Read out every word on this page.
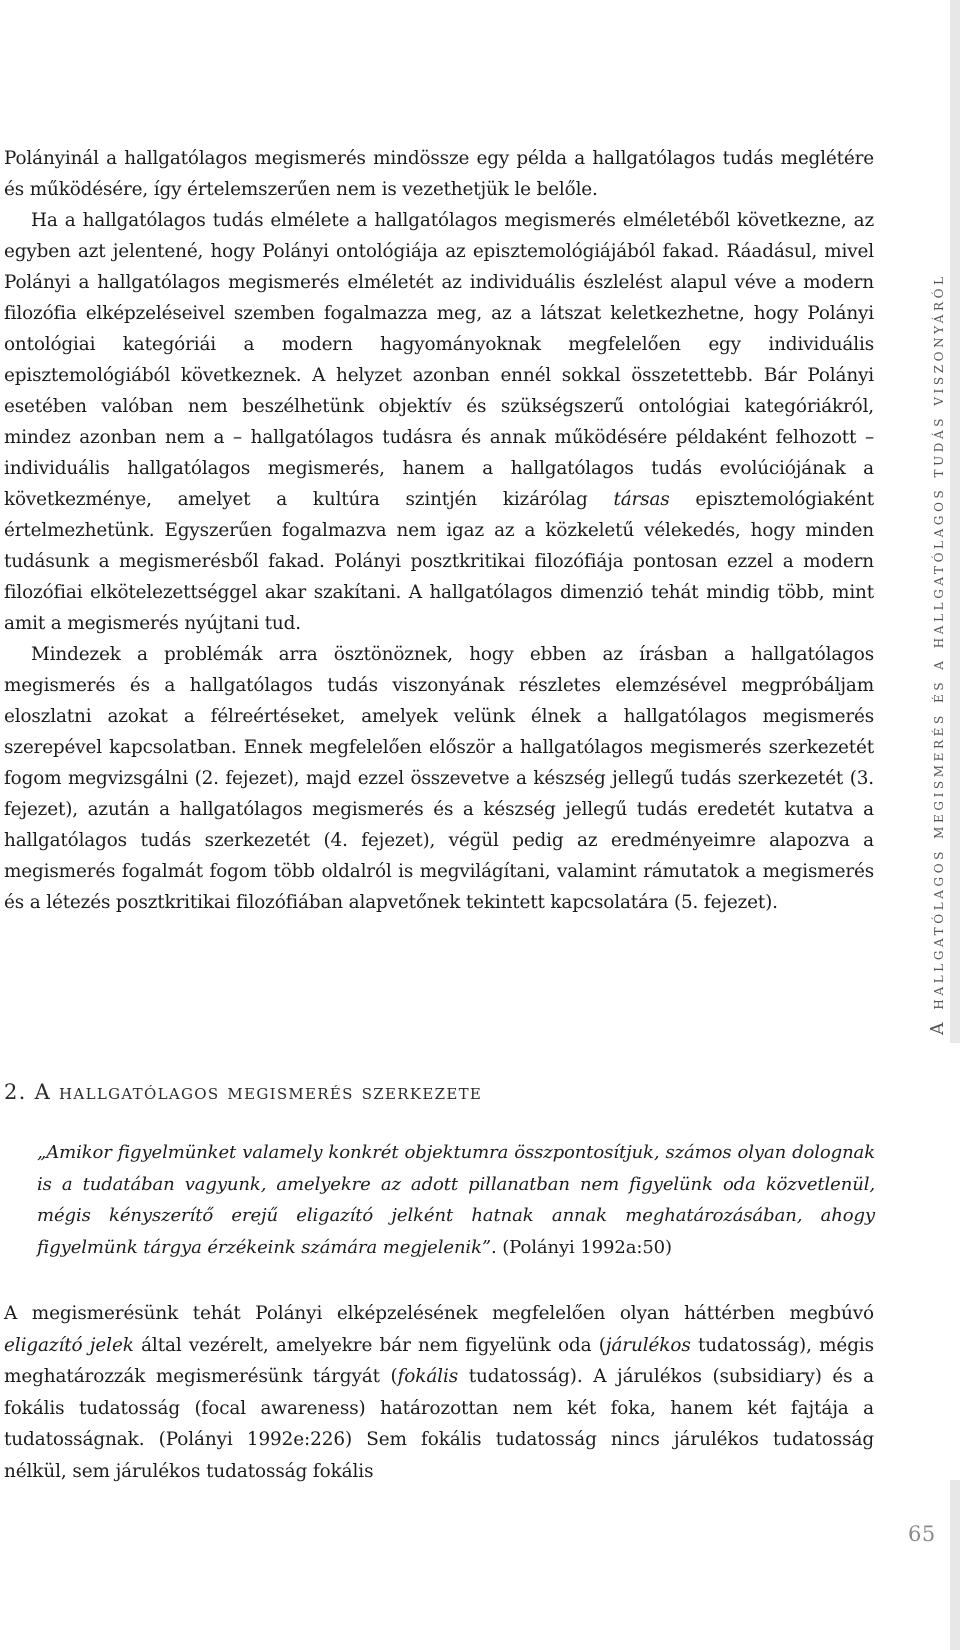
Polányinál a hallgatólagos megismerés mindössze egy példa a hallgatólagos tudás meglétére és működésére, így értelemszerűen nem is vezethetjük le belőle.

Ha a hallgatólagos tudás elmélete a hallgatólagos megismerés elméletéből következne, az egyben azt jelentené, hogy Polányi ontológiája az episztemológiájából fakad. Ráadásul, mivel Polányi a hallgatólagos megismerés elméletét az individuális észlelést alapul véve a modern filozófia elképzeléseivel szemben fogalmazza meg, az a látszat keletkezhetne, hogy Polányi ontológiai kategóriái a modern hagyományoknak megfelelően egy individuális episztemológiából következnek. A helyzet azonban ennél sokkal összetettebb. Bár Polányi esetében valóban nem beszélhetünk objektív és szükségszerű ontológiai kategóriákról, mindez azonban nem a – hallgatólagos tudásra és annak működésére példaként felhozott – individuális hallgatólagos megismerés, hanem a hallgatólagos tudás evolúciójának a következménye, amelyet a kultúra szintjén kizárólag társas episztemológiaként értelmezhetünk. Egyszerűen fogalmazva nem igaz az a közkeletű vélekedés, hogy minden tudásunk a megismerésből fakad. Polányi posztkritikai filozófiája pontosan ezzel a modern filozófiai elkötelezettséggel akar szakítani. A hallgatólagos dimenzió tehát mindig több, mint amit a megismerés nyújtani tud.

Mindezek a problémák arra ösztönöznek, hogy ebben az írásban a hallgatólagos megismerés és a hallgatólagos tudás viszonyának részletes elemzésével megpróbáljam eloszlatni azokat a félreértéseket, amelyek velünk élnek a hallgatólagos megismerés szerepével kapcsolatban. Ennek megfelelően először a hallgatólagos megismerés szerkezetét fogom megvizsgálni (2. fejezet), majd ezzel összevetve a készség jellegű tudás szerkezetét (3. fejezet), azután a hallgatólagos megismerés és a készség jellegű tudás eredetét kutatva a hallgatólagos tudás szerkezetét (4. fejezet), végül pedig az eredményeimre alapozva a megismerés fogalmát fogom több oldalról is megvilágítani, valamint rámutatok a megismerés és a létezés posztkritikai filozófiában alapvetőnek tekintett kapcsolatára (5. fejezet).

2. A hallgatólagos megismerés szerkezete
„Amikor figyelmünket valamely konkrét objektumra összpontosítjuk, számos olyan dolognak is a tudatában vagyunk, amelyekre az adott pillanatban nem figyelünk oda közvetlenül, mégis kényszerítő erejű eligazító jelként hatnak annak meghatározásában, ahogy figyelmünk tárgya érzékeink számára megjelenik”. (Polányi 1992a:50)

A megismerésünk tehát Polányi elképzelésének megfelelően olyan háttérben megbúvó eligazító jelek által vezérelt, amelyekre bár nem figyelünk oda (járulékos tudatosság), mégis meghatározzák megismerésünk tárgyát (fokális tudatosság). A járulékos (subsidiary) és a fokális tudatosság (focal awareness) határozottan nem két foka, hanem két fajtája a tudatosságnak. (Polányi 1992e:226) Sem fokális tudatosság nincs járulékos tudatosság nélkül, sem járulékos tudatosság fokális

A hallgatólagos megismerés és a hallgatólagos tudás viszonyáról
65
